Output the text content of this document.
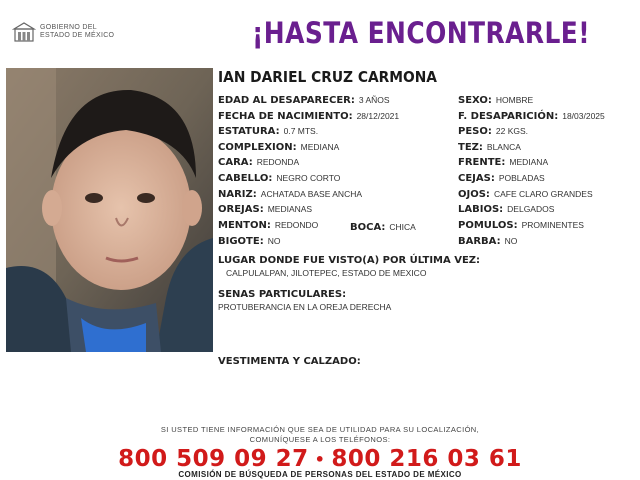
GOBIERNO DEL
ESTADO DE MÉXICO	¡HASTA ENCONTRARLE!
IAN DARIEL CRUZ CARMONA
EDAD AL DESAPARECER: 3 AÑOS
FECHA DE NACIMIENTO: 28/12/2021
ESTATURA: 0.7 MTS.
COMPLEXION: MEDIANA
CARA: REDONDA
CABELLO: NEGRO CORTO
NARIZ: ACHATADA BASE ANCHA
OREJAS: MEDIANAS
MENTON: REDONDO	BOCA: CHICA
BIGOTE: NO
SEXO: HOMBRE
F. DESAPARICIÓN: 18/03/2025
PESO: 22 KGS.
TEZ: BLANCA
FRENTE: MEDIANA
CEJAS: POBLADAS
OJOS: CAFE CLARO GRANDES
LABIOS: DELGADOS
POMULOS: PROMINENTES
BARBA: NO
LUGAR DONDE FUE VISTO(A) POR ÚLTIMA VEZ:
CALPULALPAN, JILOTEPEC, ESTADO DE MEXICO
SENAS PARTICULARES:
PROTUBERANCIA EN LA OREJA DERECHA
VESTIMENTA Y CALZADO:
SI USTED TIENE INFORMACIÓN QUE SEA DE UTILIDAD PARA SU LOCALIZACIÓN,
COMUNÍQUESE A LOS TELÉFONOS:
800 509 09 27 • 800 216 03 61
COMISIÓN DE BÚSQUEDA DE PERSONAS DEL ESTADO DE MÉXICO
